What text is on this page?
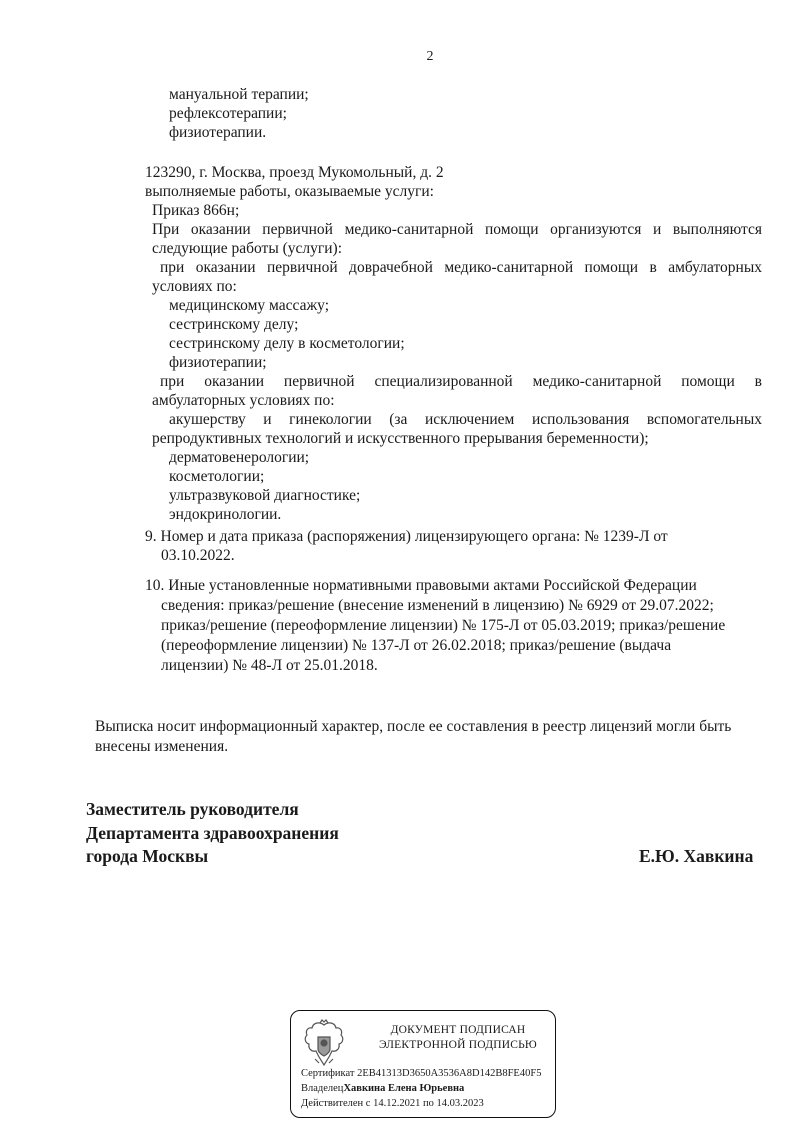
2
мануальной терапии;
рефлексотерапии;
физиотерапии.
123290, г. Москва, проезд Мукомольный, д. 2
выполняемые работы, оказываемые услуги:
Приказ 866н;
При оказании первичной медико-санитарной помощи организуются и выполняются
следующие работы (услуги):
при оказании первичной доврачебной медико-санитарной помощи в амбулаторных
условиях по:
медицинскому массажу;
сестринскому делу;
сестринскому делу в косметологии;
физиотерапии;
при оказании первичной специализированной медико-санитарной помощи в
амбулаторных условиях по:
акушерству и гинекологии (за исключением использования вспомогательных
репродуктивных технологий и искусственного прерывания беременности);
дерматовенерологии;
косметологии;
ультразвуковой диагностике;
эндокринологии.
9. Номер и дата приказа (распоряжения) лицензирующего органа: № 1239-Л от
03.10.2022.
10. Иные установленные нормативными правовыми актами Российской Федерации
сведения: приказ/решение (внесение изменений в лицензию) № 6929 от 29.07.2022;
приказ/решение (переоформление лицензии) № 175-Л от 05.03.2019; приказ/решение
(переоформление лицензии) № 137-Л от 26.02.2018; приказ/решение (выдача
лицензии) № 48-Л от 25.01.2018.
Выписка носит информационный характер, после ее составления в реестр лицензий могли быть
внесены изменения.
Заместитель руководителя
Департамента здравоохранения
города Москвы	Е.Ю. Хавкина
ДОКУМЕНТ ПОДПИСАН
ЭЛЕКТРОННОЙ ПОДПИСЬЮ
Сертификат 2EB41313D3650A3536A8D142B8FE40F5
ВладелецХавкина Елена Юрьевна
Действителен с 14.12.2021 по 14.03.2023
